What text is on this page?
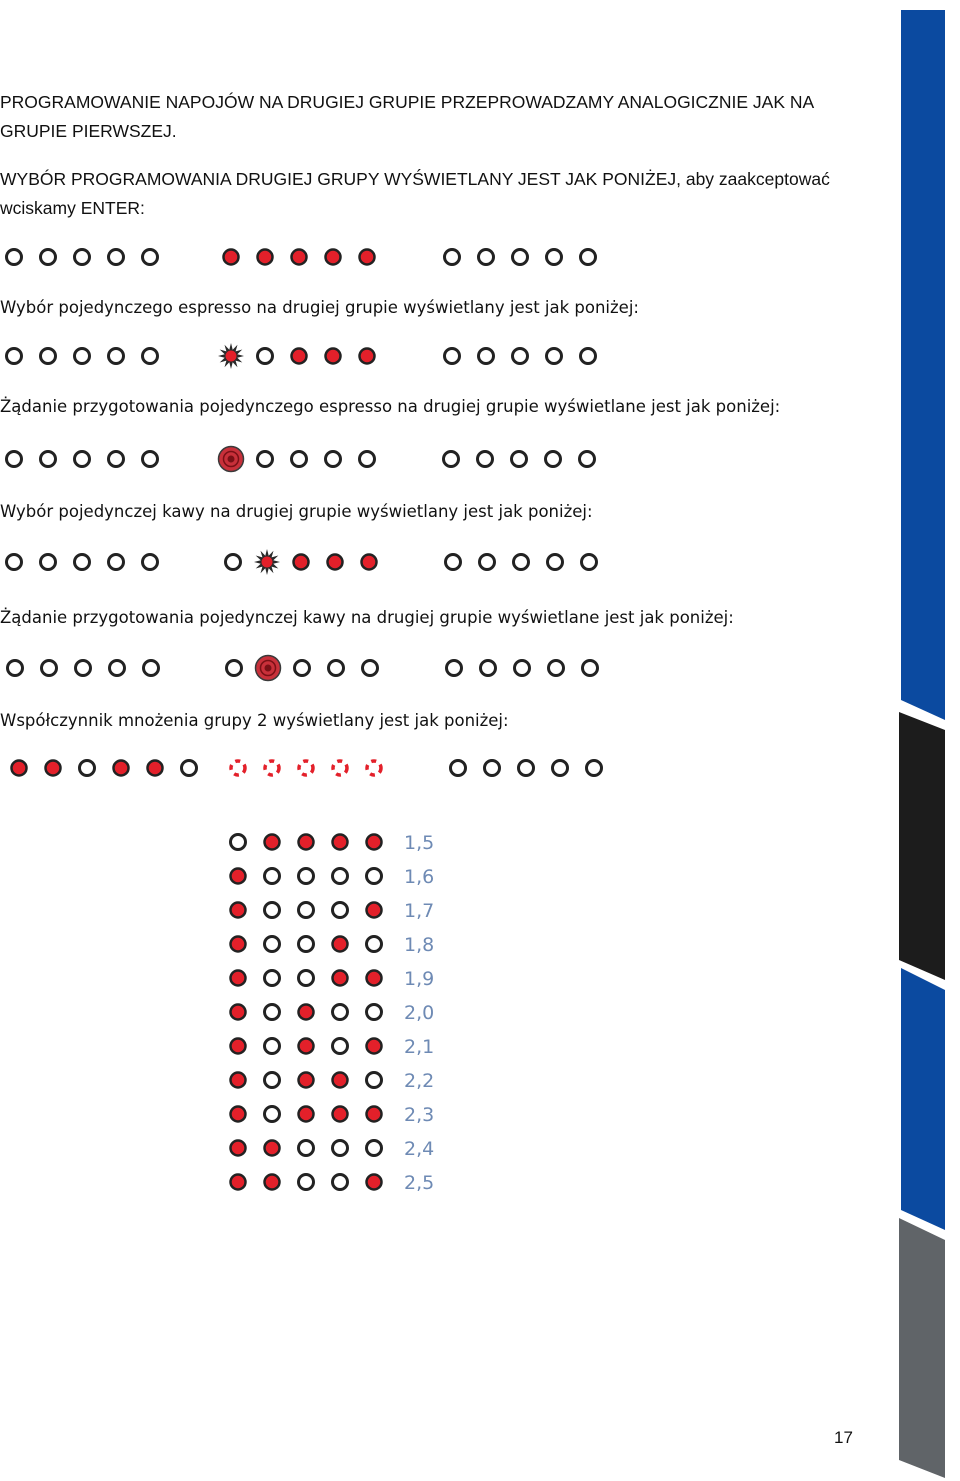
PROGRAMOWANIE NAPOJÓW NA DRUGIEJ GRUPIE PRZEPROWADZAMY ANALOGICZNIE JAK NA GRUPIE PIERWSZEJ.

WYBÓR PROGRAMOWANIA DRUGIEJ GRUPY WYŚWIETLANY JEST JAK PONIŻEJ, aby zaakceptować wciskamy ENTER:

Wybór pojedynczego espresso na drugiej grupie wyświetlany jest jak poniżej:

Żądanie przygotowania pojedynczego espresso na drugiej grupie wyświetlane jest jak poniżej:

Wybór pojedynczej kawy na drugiej grupie wyświetlany jest jak poniżej:

Żądanie przygotowania pojedynczej kawy na drugiej grupie wyświetlane jest jak poniżej:

Współczynnik mnożenia grupy 2 wyświetlany jest jak poniżej:

1,5
1,6
1,7
1,8
1,9
2,0
2,1
2,2
2,3
2,4
2,5
17
